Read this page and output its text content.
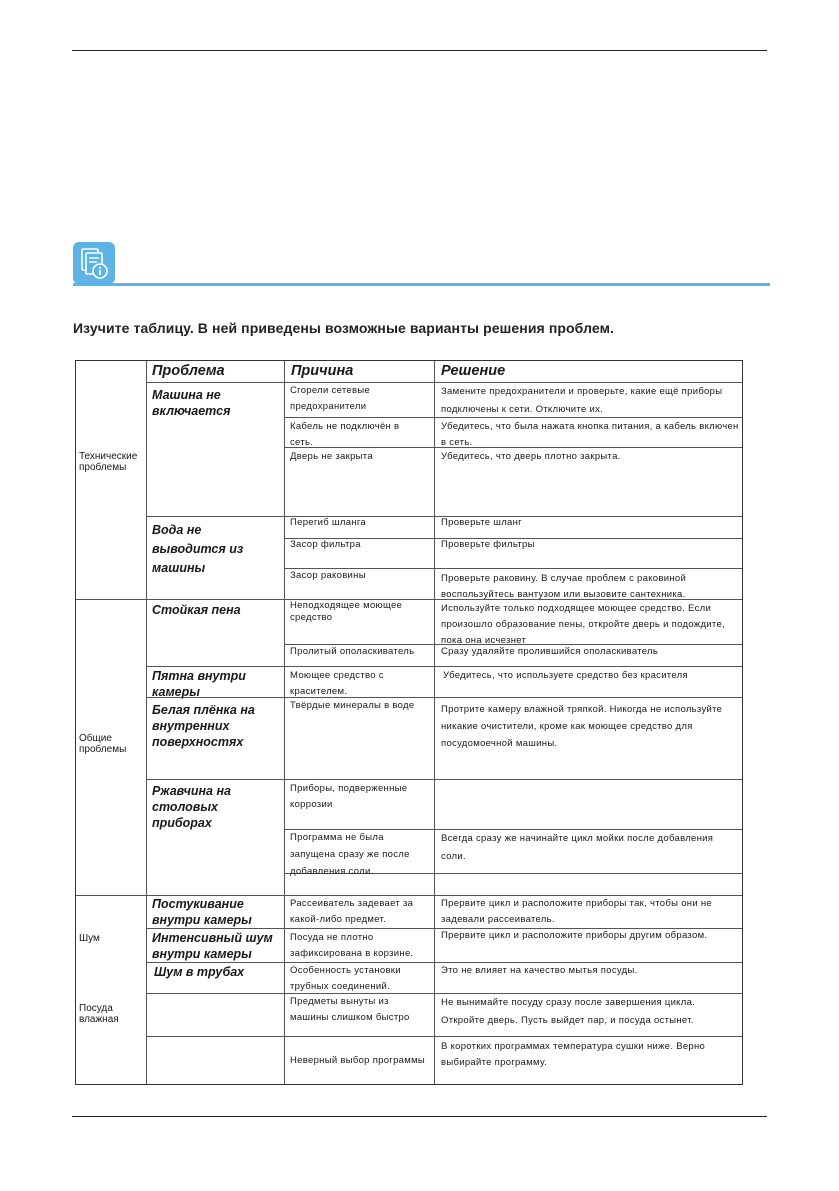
Изучите таблицу. В ней приведены возможные варианты решения проблем.
Проблема	Причина	Решение
Технические проблемы
Общие проблемы
Шум
Посуда влажная
Машина не включается
Вода не выводится из машины
Стойкая пена
Пятна внутри камеры
Белая плёнка на внутренних поверхностях
Ржавчина на столовых приборах
Постукивание внутри камеры
Интенсивный шум внутри камеры
Шум в трубах
Сгорели сетевые предохранители
Кабель не подключён в сеть.
Дверь не закрыта
Перегиб шланга
Засор фильтра
Засор раковины
Неподходящее моющее средство
Пролитый ополаскиватель
Моющее средство с красителем.
Твёрдые минералы в воде
Приборы, подверженные коррозии
Программа не была запущена сразу же после добавления соли.
Рассеиватель задевает за какой-либо предмет.
Посуда не плотно зафиксирована в корзине.
Особенность установки трубных соединений.
Предметы вынуты из машины слишком быстро
Неверный выбор программы
Замените предохранители и проверьте, какие ещё приборы подключены к сети. Отключите их.
Убедитесь, что была нажата кнопка питания, а кабель включен в сеть.
Убедитесь, что дверь плотно закрыта.
Проверьте шланг
Проверьте фильтры
Проверьте раковину. В случае проблем с раковиной воспользуйтесь вантузом или вызовите сантехника.
Используйте только подходящее моющее средство. Если произошло образование пены, откройте дверь и подождите, пока она исчезнет
Сразу удаляйте пролившийся ополаскиватель
Убедитесь, что используете средство без красителя
Протрите камеру влажной тряпкой. Никогда не используйте никакие очистители, кроме как моющее средство для посудомоечной машины.
Всегда сразу же начинайте цикл мойки после добавления соли.
Прервите цикл и расположите приборы так, чтобы они не задевали рассеиватель.
Прервите цикл и расположите приборы другим образом.
Это не влияет на качество мытья посуды.
Не вынимайте посуду сразу после завершения цикла. Откройте дверь. Пусть выйдет пар, и посуда остынет.
В коротких программах температура сушки ниже. Верно выбирайте программу.
